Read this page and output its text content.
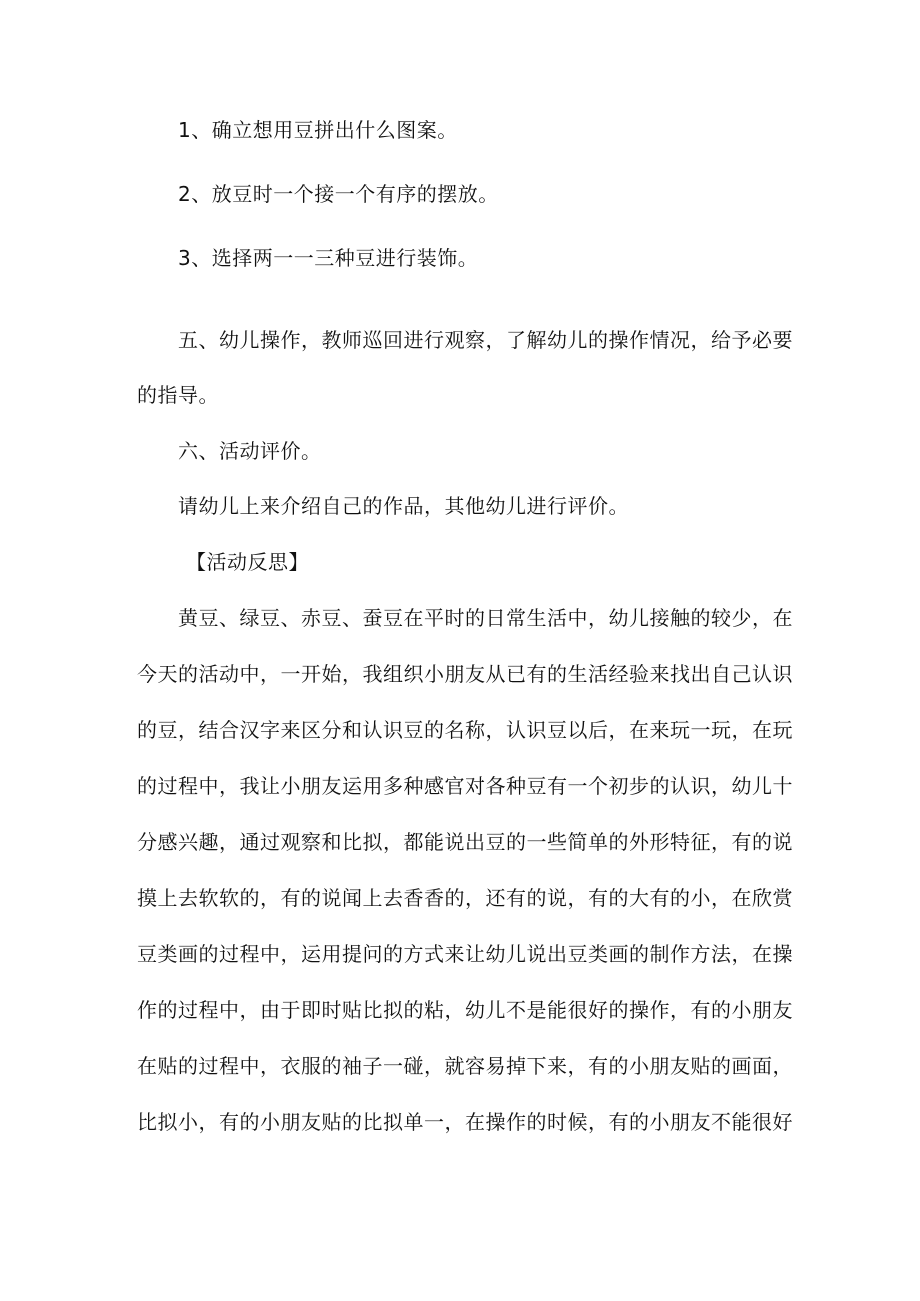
1、确立想用豆拼出什么图案。
2、放豆时一个接一个有序的摆放。
3、选择两一一三种豆进行装饰。
五、幼儿操作，教师巡回进行观察，了解幼儿的操作情况，给予必要
的指导。
六、活动评价。
请幼儿上来介绍自己的作品，其他幼儿进行评价。
【活动反思】
黄豆、绿豆、赤豆、蚕豆在平时的日常生活中，幼儿接触的较少，在
今天的活动中，一开始，我组织小朋友从已有的生活经验来找出自己认识
的豆，结合汉字来区分和认识豆的名称，认识豆以后，在来玩一玩，在玩
的过程中，我让小朋友运用多种感官对各种豆有一个初步的认识，幼儿十
分感兴趣，通过观察和比拟，都能说出豆的一些简单的外形特征，有的说
摸上去软软的，有的说闻上去香香的，还有的说，有的大有的小，在欣赏
豆类画的过程中，运用提问的方式来让幼儿说出豆类画的制作方法，在操
作的过程中，由于即时贴比拟的粘，幼儿不是能很好的操作，有的小朋友
在贴的过程中，衣服的袖子一碰，就容易掉下来，有的小朋友贴的画面，
比拟小，有的小朋友贴的比拟单一，在操作的时候，有的小朋友不能很好
